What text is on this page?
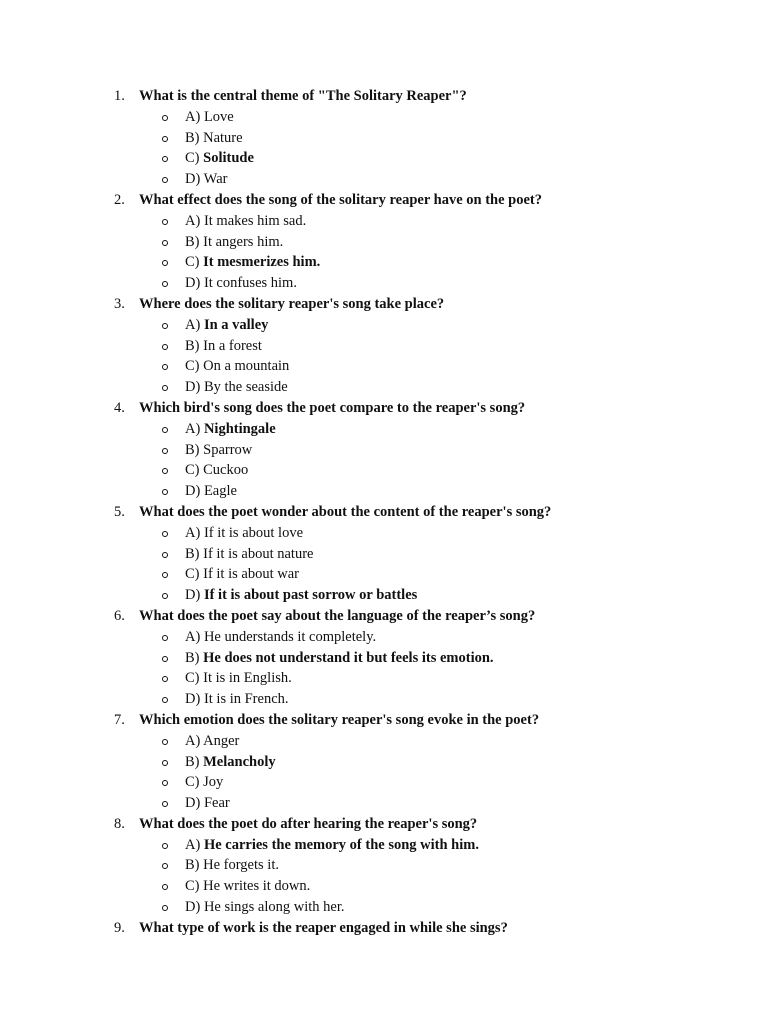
1. What is the central theme of "The Solitary Reaper"?
A) Love
B) Nature
C) Solitude
D) War
2. What effect does the song of the solitary reaper have on the poet?
A) It makes him sad.
B) It angers him.
C) It mesmerizes him.
D) It confuses him.
3. Where does the solitary reaper's song take place?
A) In a valley
B) In a forest
C) On a mountain
D) By the seaside
4. Which bird's song does the poet compare to the reaper's song?
A) Nightingale
B) Sparrow
C) Cuckoo
D) Eagle
5. What does the poet wonder about the content of the reaper's song?
A) If it is about love
B) If it is about nature
C) If it is about war
D) If it is about past sorrow or battles
6. What does the poet say about the language of the reaper’s song?
A) He understands it completely.
B) He does not understand it but feels its emotion.
C) It is in English.
D) It is in French.
7. Which emotion does the solitary reaper's song evoke in the poet?
A) Anger
B) Melancholy
C) Joy
D) Fear
8. What does the poet do after hearing the reaper's song?
A) He carries the memory of the song with him.
B) He forgets it.
C) He writes it down.
D) He sings along with her.
9. What type of work is the reaper engaged in while she sings?
